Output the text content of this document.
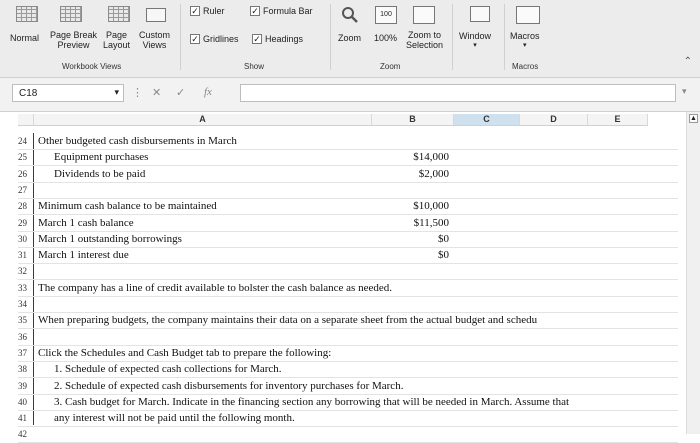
Normal Page Break
Preview
Page
Layout
Custom
Views
Workbook Views
✓ Ruler	✓ Formula Bar
✓ Gridlines ✓ Headings
Show
100
Zoom 100% Zoom to
Selection
Zoom
Window
▾
Macros
▾
Macros	⌃
C18	▾ ⋮ ✕ ✓ fx	▾
A	B	C	D	E
24	Other budgeted cash disbursements in March
25	Equipment purchases	$14,000
26	Dividends to be paid	$2,000
27
28	Minimum cash balance to be maintained	$10,000
29	March 1 cash balance	$11,500
30	March 1 outstanding borrowings	$0
31	March 1 interest due	$0
32
33	The company has a line of credit available to bolster the cash balance as needed.
34
35	When preparing budgets, the company maintains their data on a separate sheet from the actual budget and schedu
36
37	Click the Schedules and Cash Budget tab to prepare the following:
38	1. Schedule of expected cash collections for March.
39	2. Schedule of expected cash disbursements for inventory purchases for March.
40	3. Cash budget for March. Indicate in the financing section any borrowing that will be needed in March. Assume that
41	any interest will not be paid until the following month.
42
▲
